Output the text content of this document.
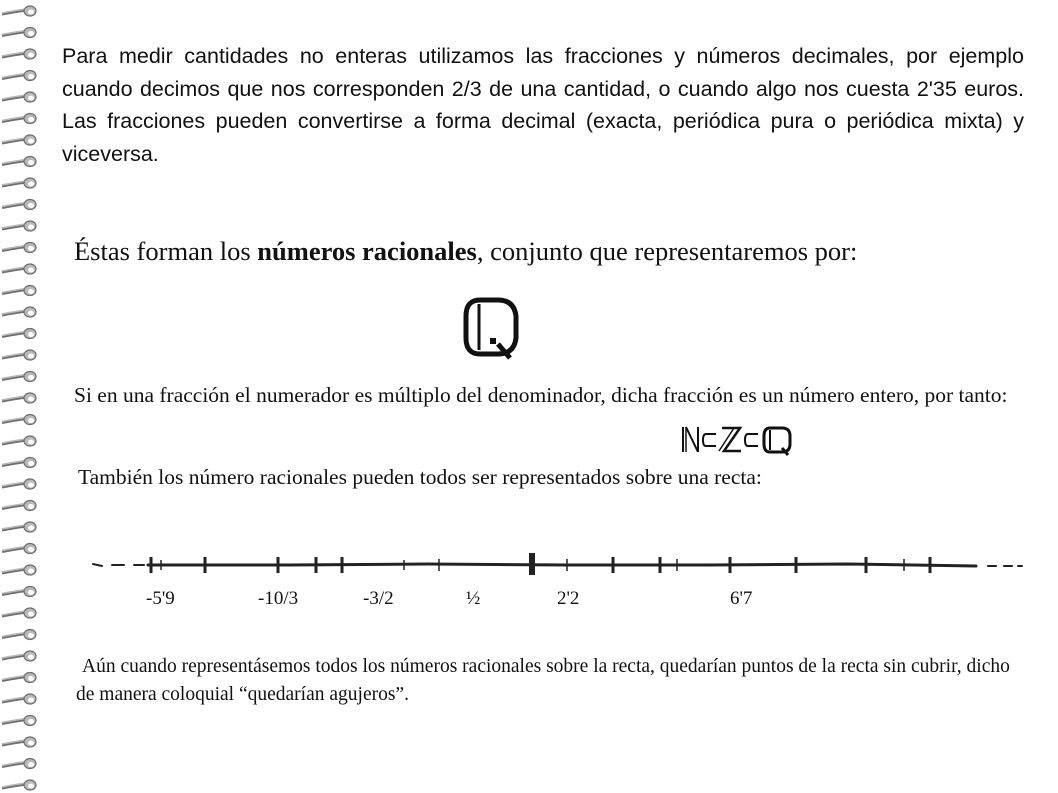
Para medir cantidades no enteras utilizamos las fracciones y números decimales, por ejemplo cuando decimos que nos corresponden 2/3 de una cantidad, o cuando algo nos cuesta 2'35 euros. Las fracciones pueden convertirse a forma decimal (exacta, periódica pura o periódica mixta) y viceversa.

Éstas forman los números racionales, conjunto que representaremos por:

Si en una fracción el numerador es múltiplo del denominador, dicha fracción es un número entero, por tanto:

También los número racionales pueden todos ser representados sobre una recta:

-5'9	-10/3	-3/2	½	2'2	6'7

Aún cuando representásemos todos los números racionales sobre la recta, quedarían puntos de la recta sin cubrir, dicho de manera coloquial “quedarían agujeros”.
